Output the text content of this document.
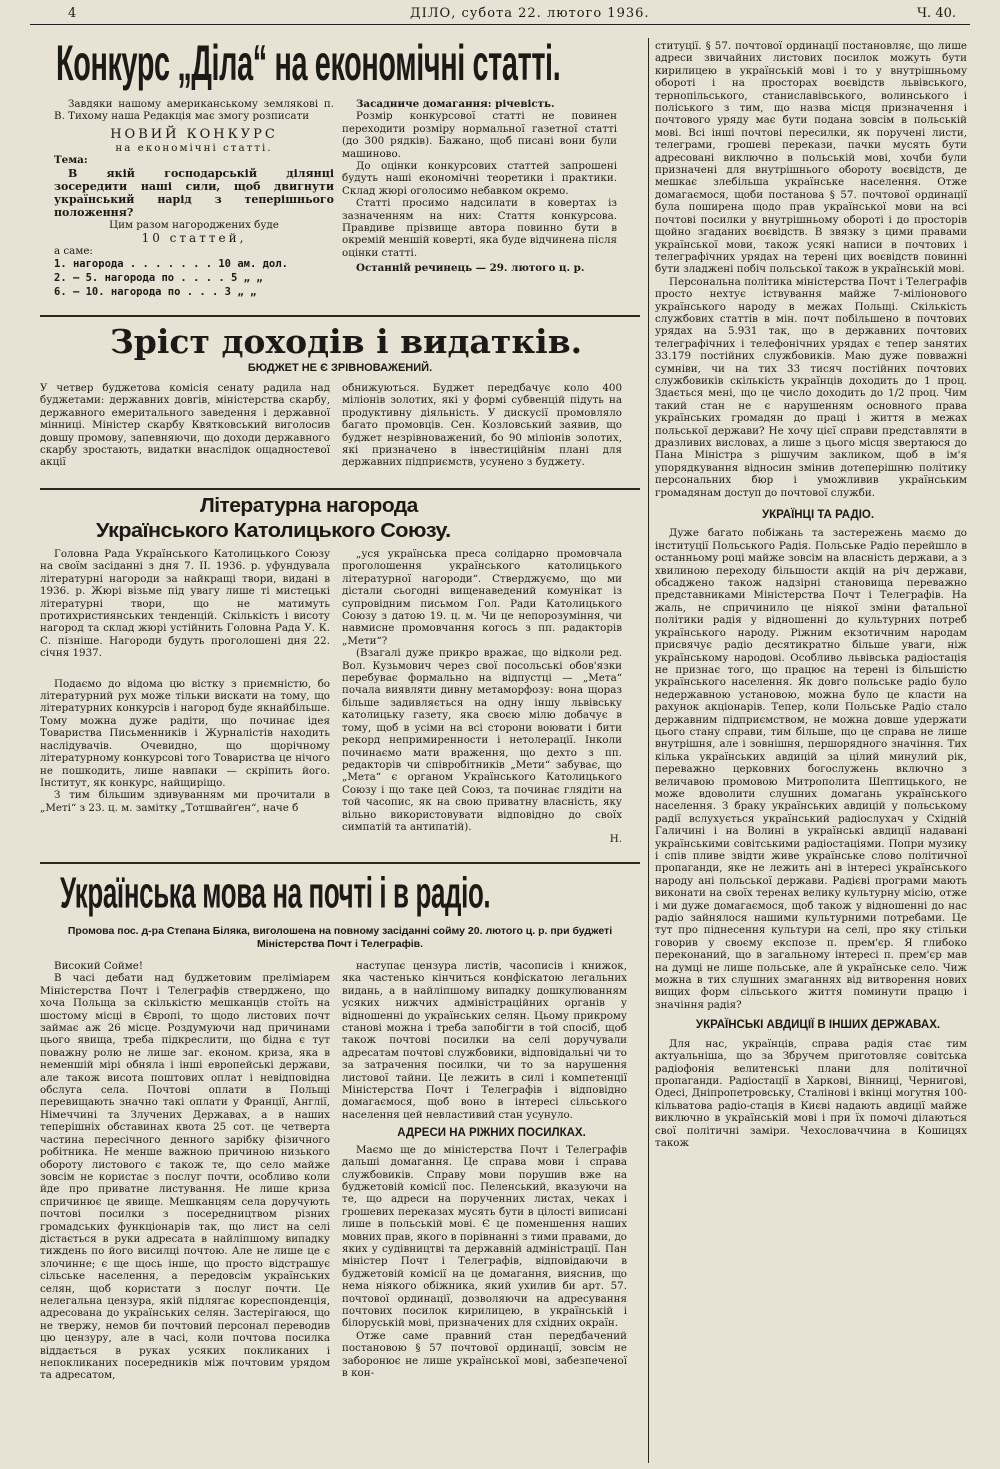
4	ДІЛО, субота 22. лютого 1936.	Ч. 40.
Конкурс „Діла“ на економічні статті.

Завдяки нашому американському землякові п. В. Тихому наша Редакція має змогу розписати

НОВИЙ КОНКУРС

на економічні статті.

Тема:

В якій господарській ділянці зосередити наші сили, щоб двигнути український нарід з теперішнього положення?

Цим разом нагороджених буде

10 статтей,

а саме:

1. нагорода . . . . . . . 10 ам. дол.
2. — 5. нагорода по . . . . 5 „ „
6. — 10. нагорода по . . . 3 „ „

Засадниче домагання: річевість.

Розмір конкурсової статті не повинен переходити розміру нормальної газетної статті (до 300 рядків). Бажано, щоб писані вони були машиново.

До оцінки конкурсових статтей запрошені будуть наші економічні теоретики і практики. Склад жюрі оголосимо небавком окремо.

Статті просимо надсилати в ковертах із зазначенням на них: Стаття конкурсова. Правдиве прізвище автора повинно бути в окремій меншій коверті, яка буде відчинена після оцінки статті.

Останній речинець — 29. лютого ц. р.

Зріст доходів і видатків.
БЮДЖЕТ НЕ Є ЗРІВНОВАЖЕНИЙ.
У четвер буджетова комісія сенату радила над буджетами: державних довгів, міністерства скарбу, державного емеритального заведення і державної мінниці. Міністер скарбу Квятковський виголосив довшу промову, запевняючи, що доходи державного скарбу зростають, видатки внаслідок ощадностевої акції
обнижуються. Буджет передбачує коло 400 міліонів золотих, які у формі субвенцій підуть на продуктивну діяльність. У дискусії промовляло багато промовців. Сен. Козловський заявив, що буджет незрівноважений, бо 90 міліонів золотих, які призначено в інвестиційнім плані для державних підприємств, усунено з буджету.
Літературна нагорода
Українського Католицького Союзу.

Головна Рада Українського Католицького Союзу на своїм засіданні з дня 7. II. 1936. р. уфундувала літературні нагороди за найкращі твори, видані в 1936. р. Жюрі візьме під увагу лише ті мистецькі літературні твори, що не матимуть протихристиянських тенденцій. Скількість і висоту нагород та склад жюрі устійнить Головна Рада У. К. С. пізніше. Нагороди будуть проголошені дня 22. січня 1937.

Подаємо до відома цю вістку з приємністю, бо літературний рух може тільки вискати на тому, що літературних конкурсів і нагород буде якнайбільше. Тому можна дуже радіти, що починає ідея Товариства Письменників і Журналістів находить наслідувачів. Очевидно, що щорічному літературному конкурсові того Товариства це нічого не пошкодить, лише навпаки — скріпить його. Інститут, як конкурс, найщиріщо.

З тим більшим здивуванням ми прочитали в „Меті“ з 23. ц. м. замітку „Тотшвайґен“, наче б

„уся українська преса солідарно промовчала проголошення українського католицького літературної нагороди“. Стверджуємо, що ми дістали сьогодні вищенаведений комунікат із супровідним письмом Гол. Ради Католицького Союзу з датою 19. ц. м. Чи це непорозуміння, чи навмисне промовчання когось з пп. радакторів „Мети“?

(Взагалі дуже прикро вражає, що відколи ред. Вол. Кузьмович через свої посольські обов'язки перебуває формально на відпустці — „Мета“ почала виявляти дивну метаморфозу: вона щораз більше задивляється на одну іншу львівську католицьку газету, яка своєю мілю добачує в тому, щоб в усіми на всі сторони воювати і бити рекорд непримиренности і нетолерації. Інколи починаємо мати враження, що дехто з пп. редакторів чи співробітників „Мети“ забуває, що „Мета“ є органом Українського Католицького Союзу і що таке цей Союз, та починає глядіти на той часопис, як на свою приватну власність, яку вільно використовувати відповідно до своїх симпатій та антипатій).

Н.

Українська мова на почті і в радіо.
Промова пос. д-ра Степана Біляка, виголошена на повному засіданні сойму 20. лютого ц. р. при буджеті Міністерства Почт і Телеграфів.

Високий Сойме!

В часі дебати над буджетовим преліміарем Міністерства Почт і Телеграфів стверджено, що хоча Польща за скількістю мешканців стоїть на шостому місці в Європі, то щодо листових почт займає аж 26 місце. Роздумуючи над причинами цього явища, треба підкреслити, що бідна є тут поважну ролю не лише заг. економ. криза, яка в неменшій мірі обняла і інші европейські держави, але також висота поштових оплат і невідповідна обслуга села. Почтові оплати в Польщі перевищають значно такі оплати у Франції, Англії, Німеччині та Злучених Державах, а в наших теперішніх обставинах квота 25 сот. це четверта частина пересічного денного зарібку фізичного робітника. Не менше важною причиною низького обороту листового є також те, що село майже зовсім не користає з послуг почти, особливо коли йде про приватне листування. Не лише криза спричинює це явище. Мешканцям села доручують почтові посилки з посередництвом різних громадських функціонарів так, що лист на селі дістається в руки адресата в найліпшому випадку тиждень по його висилці почтою. Але не лише це є злочинне; є ще щось інше, що просто відстрашує сільське населення, а передовсім українських селян, щоб користати з послуг почти. Це нелегальна цензура, якій підлягає кореспонденція, адресована до українських селян. Застерігаюся, що не твержу, немов би почтовий персонал переводив цю цензуру, але в часі, коли почтова посилка віддається в руках усяких покликаних і непокликаних посередників між почтовим урядом та адресатом,

наступає цензура листів, часописів і книжок, яка частенько кінчиться конфіскатою легальних видань, а в найліпшому випадку дошкулюванням усяких нижчих адміністраційних органів у відношенні до українських селян. Цьому прикрому станові можна і треба запобігти в той спосіб, щоб також почтові посилки на селі доручували адресатам почтові службовики, відповідальні чи то за затрачення посилки, чи то за нарушення листової тайни. Це лежить в силі і компетенції Міністерства Почт і Телеграфів і відповідно домагаємося, щоб воно в інтересі сільського населення цей невластивий стан усунуло.

АДРЕСИ НА РІЖНИХ ПОСИЛКАХ.

Маємо ще до міністерства Почт і Телеграфів дальші домагання. Це справа мови і справа службовиків. Справу мови порушив вже на буджетовій комісії пос. Пеленський, вказуючи на те, що адреси на порученних листах, чеках і грошевих переказах мусять бути в цілості виписані лише в польській мові. Є це поменшення наших мовних прав, якого в порівнанні з тими правами, до яких у судівництві та державній адміністрації. Пан міністер Почт і Телеграфів, відповідаючи в буджетовій комісії на це домагання, вияснив, що нема ніякого обіжника, який ухилив би арт. 57. почтової ординації, дозволяючи на адресування почтових посилок кирилицею, в українській і білоруській мові, призначених для східних окраїн.

Отже саме правний стан передбачений постановою § 57 почтової ординації, зовсім не заборонює не лише української мові, забезпеченої в кон-

ституції. § 57. почтової ординації постановляє, що лише адреси звичайних листових посилок можуть бути кирилицею в українській мові і то у внутрішньому обороті і на просторах воєвідств львівського, тернопільського, станиславівського, волинського і поліського з тим, що назва місця призначення і почтового уряду має бути подана зовсім в польській мові. Всі інші почтові пересилки, як поручені листи, телеграми, грошеві перекази, пачки мусять бути адресовані виключно в польській мові, хочби були призначені для внутрішнього обороту воєвідств, де мешкає злебільша українське населення. Отже домагаємося, щоби постанова § 57. почтової ординації була поширена щодо прав української мови на всі почтові посилки у внутрішньому обороті і до просторів щойно згаданих воєвідств. В звязку з цими правами української мови, також усякі написи в почтових і телеграфічних урядах на терені цих воєвідств повинні бути зладжені побіч польської також в українській мові.

Персональна політика міністерства Почт і Телеграфів просто нехтує іствування майже 7-міліонового українського народу в межах Польщі. Скількість службових статтів в мін. почт побільшено в почтових урядах на 5.931 так, що в державних почтових телеграфічних і телефонічних урядах є тепер занятих 33.179 постійних службовиків. Маю дуже повважні сумніви, чи на тих 33 тисяч постійних почтових службовиків скількість українців доходить до 1 проц. Здається мені, що це число доходить до 1/2 проц. Чим такий стан не є нарушенням основного права українських громадян до праці і життя в межах польської держави? Не хочу цієї справи представляти в дразливих висловах, а лише з цього місця звертаюся до Пана Міністра з рішучим закликом, щоб в ім'я упорядкування відносин змінив дотеперішню політику персональних бюр і уможливив українським громадянам доступ до почтової служби.

УКРАЇНЦІ ТА РАДІО.

Дуже багато побіжань та застережень маємо до інституції Польського Радія. Польське Радіо перейшло в останньому році майже зовсім на власність держави, а з хвилиною переходу більшости акцій на річ держави, обсаджено також надзірні становища переважно представниками Міністерства Почт і Телеграфів. На жаль, не спричинило це ніякої зміни фатальної політики радія у відношенні до культурних потреб українського народу. Ріжним екзотичним народам присвячує радіо десятикратно більше уваги, ніж українському народові. Особливо львівська радіостація не признає того, що працює на терені із більшістю українського населення. Як довго польське радіо було недержавною установою, можна було це класти на рахунок акціонарів. Тепер, коли Польське Радіо стало державним підприємством, не можна довше удержати цього стану справи, тим більше, що це справа не лише внутрішня, але і зовнішня, першорядного значіння. Тих кілька українських авдицій за цілий минулий рік, переважно церковних богослужень включно з величавою промовою Митрополита Шептицького, не може вдоволити слушних домагань українського населення. З браку українських авдицій у польському радії вслухується український радіослухач у Східній Галичині і на Волині в українські авдиції надавані українськими совітськими радіостаціями. Попри музику і спів пливе звідти живе українське слово політичної пропаганди, яке не лежить ані в інтересі українського народу ані польської держави. Радієві програми мають виконати на своїх теренах велику культурну місію, отже і ми дуже домагаємося, щоб також у відношенні до нас радіо зайнялося нашими культурними потребами. Це тут про піднесення культури на селі, про яку стільки говорив у своєму експозе п. прем'єр. Я глибоко переконаний, що в загальному інтересі п. прем'єр мав на думці не лише польське, але й українське село. Чиж можна в тих слушних змаганнях від витворення нових вищих форм сільського життя поминути працю і значіння радія?

УКРАЇНСЬКІ АВДИЦІЇ В ІНШИХ ДЕРЖАВАХ.

Для нас, українців, справа радія стає тим актуальніша, що за Збручем приготовляє совітська радіофонія велитенські плани для політичної пропаганди. Радіостації в Харкові, Вінниці, Чернигові, Одесі, Дніпропетровську, Сталінові і вкінці могутня 100-кільватова радіо-стація в Києві надають авдиції майже виключно в українській мові і при їх помочі ділаються свої політичні заміри. Чехословаччина в Кошицях також
